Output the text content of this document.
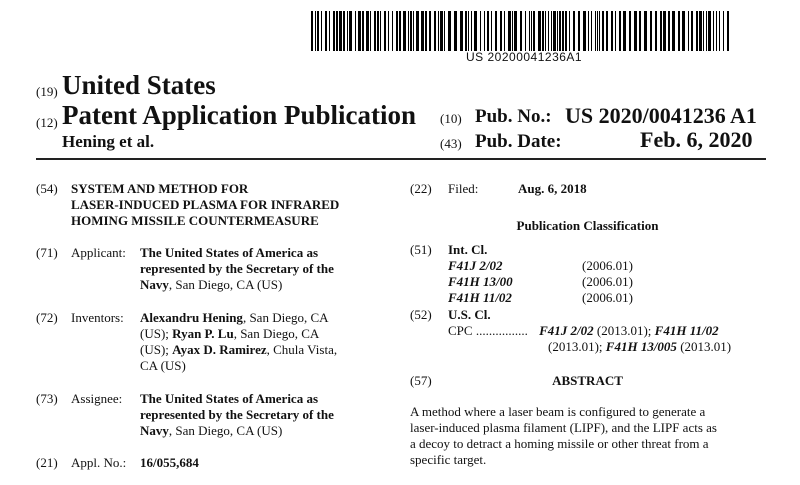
US 20200041236A1
(19) United States
(12) Patent Application Publication
Hening et al.
(10) Pub. No.: US 2020/0041236 A1
(43) Pub. Date:	Feb. 6, 2020
(54) SYSTEM AND METHOD FOR
LASER-INDUCED PLASMA FOR INFRARED
HOMING MISSILE COUNTERMEASURE
(71) Applicant: The United States of America as
represented by the Secretary of the
Navy, San Diego, CA (US)
(72) Inventors: Alexandru Hening, San Diego, CA
(US); Ryan P. Lu, San Diego, CA
(US); Ayax D. Ramirez, Chula Vista,
CA (US)
(73) Assignee: The United States of America as
represented by the Secretary of the
Navy, San Diego, CA (US)
(21) Appl. No.: 16/055,684
(22) Filed:	Aug. 6, 2018
Publication Classification
(51) Int. Cl.
F41J 2/02	(2006.01)
F41H 13/00	(2006.01)
F41H 11/02	(2006.01)
(52) U.S. Cl.
CPC ................ F41J 2/02 (2013.01); F41H 11/02
(2013.01); F41H 13/005 (2013.01)
(57)	ABSTRACT
A method where a laser beam is configured to generate a
laser-induced plasma filament (LIPF), and the LIPF acts as
a decoy to detract a homing missile or other threat from a
specific target.
